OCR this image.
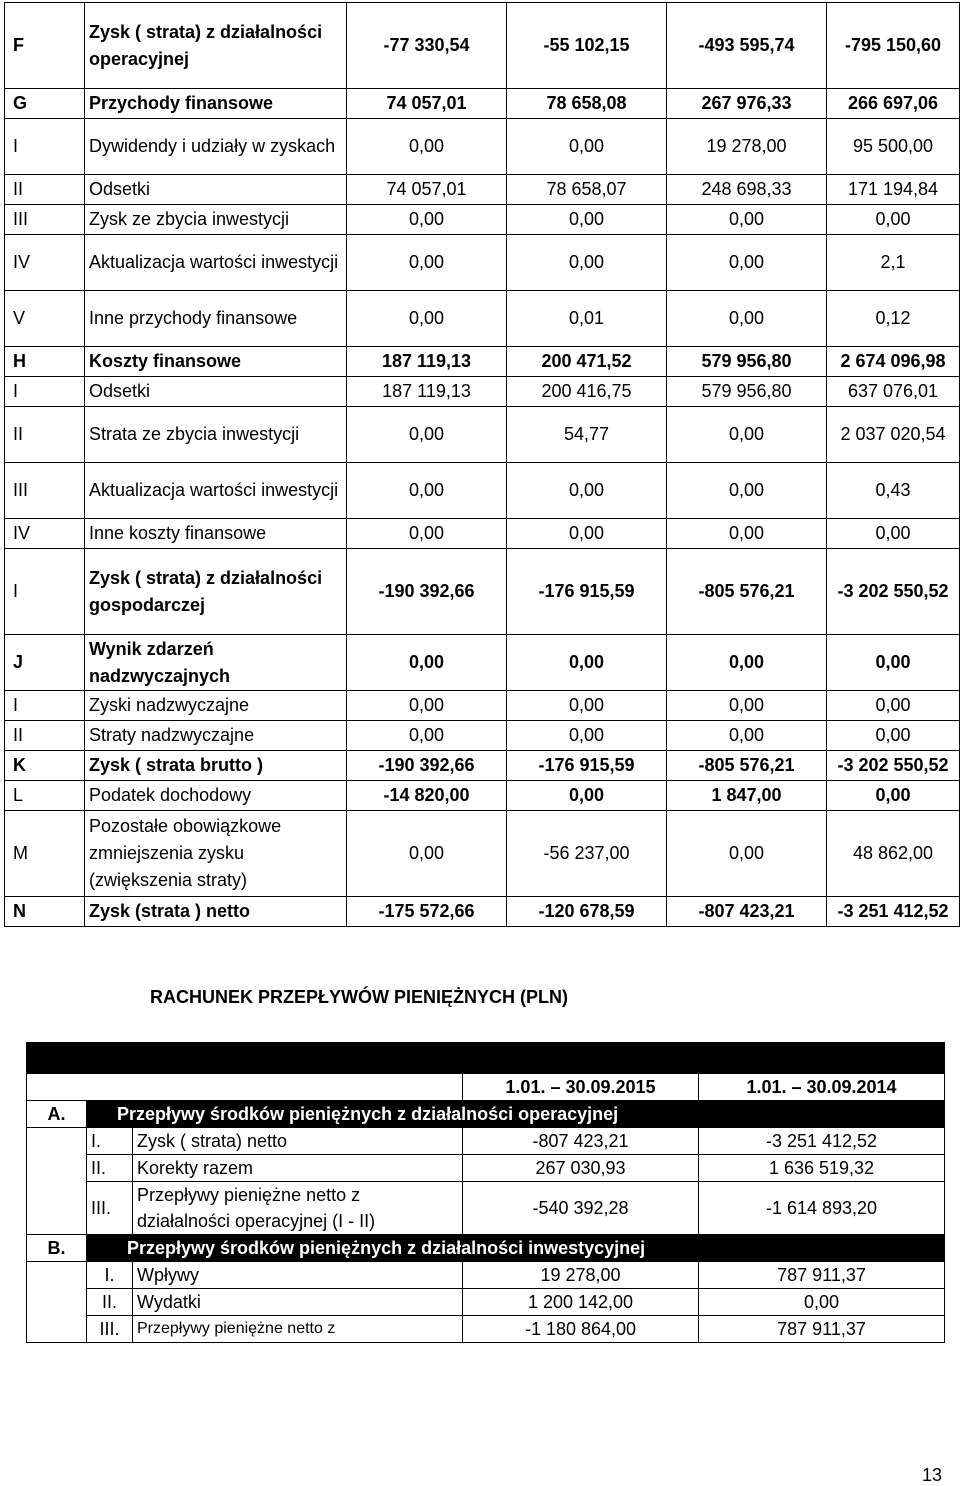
F	Zysk ( strata) z działalności operacyjnej	-77 330,54	-55 102,15	-493 595,74	-795 150,60
G	Przychody finansowe	74 057,01	78 658,08	267 976,33	266 697,06
I	Dywidendy i udziały w zyskach	0,00	0,00	19 278,00	95 500,00
II	Odsetki	74 057,01	78 658,07	248 698,33	171 194,84
III	Zysk ze zbycia inwestycji	0,00	0,00	0,00	0,00
IV	Aktualizacja wartości inwestycji	0,00	0,00	0,00	2,1
V	Inne przychody finansowe	0,00	0,01	0,00	0,12
H	Koszty finansowe	187 119,13	200 471,52	579 956,80	2 674 096,98
I	Odsetki	187 119,13	200 416,75	579 956,80	637 076,01
II	Strata ze zbycia inwestycji	0,00	54,77	0,00	2 037 020,54
III	Aktualizacja wartości inwestycji	0,00	0,00	0,00	0,43
IV	Inne koszty finansowe	0,00	0,00	0,00	0,00
I	Zysk ( strata) z działalności gospodarczej	-190 392,66	-176 915,59	-805 576,21	-3 202 550,52
J	Wynik zdarzeń nadzwyczajnych	0,00	0,00	0,00	0,00
I	Zyski nadzwyczajne	0,00	0,00	0,00	0,00
II	Straty nadzwyczajne	0,00	0,00	0,00	0,00
K	Zysk ( strata brutto )	-190 392,66	-176 915,59	-805 576,21	-3 202 550,52
L	Podatek dochodowy	-14 820,00	0,00	1 847,00	0,00
M	Pozostałe obowiązkowe zmniejszenia zysku (zwiększenia straty)	0,00	-56 237,00	0,00	48 862,00
N	Zysk (strata ) netto	-175 572,66	-120 678,59	-807 423,21	-3 251 412,52
RACHUNEK PRZEPŁYWÓW PIENIĘŻNYCH (PLN)

			1.01. – 30.09.2015	1.01. – 30.09.2014
A.	Przepływy środków pieniężnych z działalności operacyjnej			
	I.	Zysk ( strata) netto	-807 423,21	-3 251 412,52
	II.	Korekty razem	267 030,93	1 636 519,32
	III.	Przepływy pieniężne netto z działalności operacyjnej (I - II)	-540 392,28	-1 614 893,20
B.	Przepływy środków pieniężnych z działalności inwestycyjnej			
	I.	Wpływy	19 278,00	787 911,37
	II.	Wydatki	1 200 142,00	0,00
	III.	Przepływy pieniężne netto z	-1 180 864,00	787 911,37
13
